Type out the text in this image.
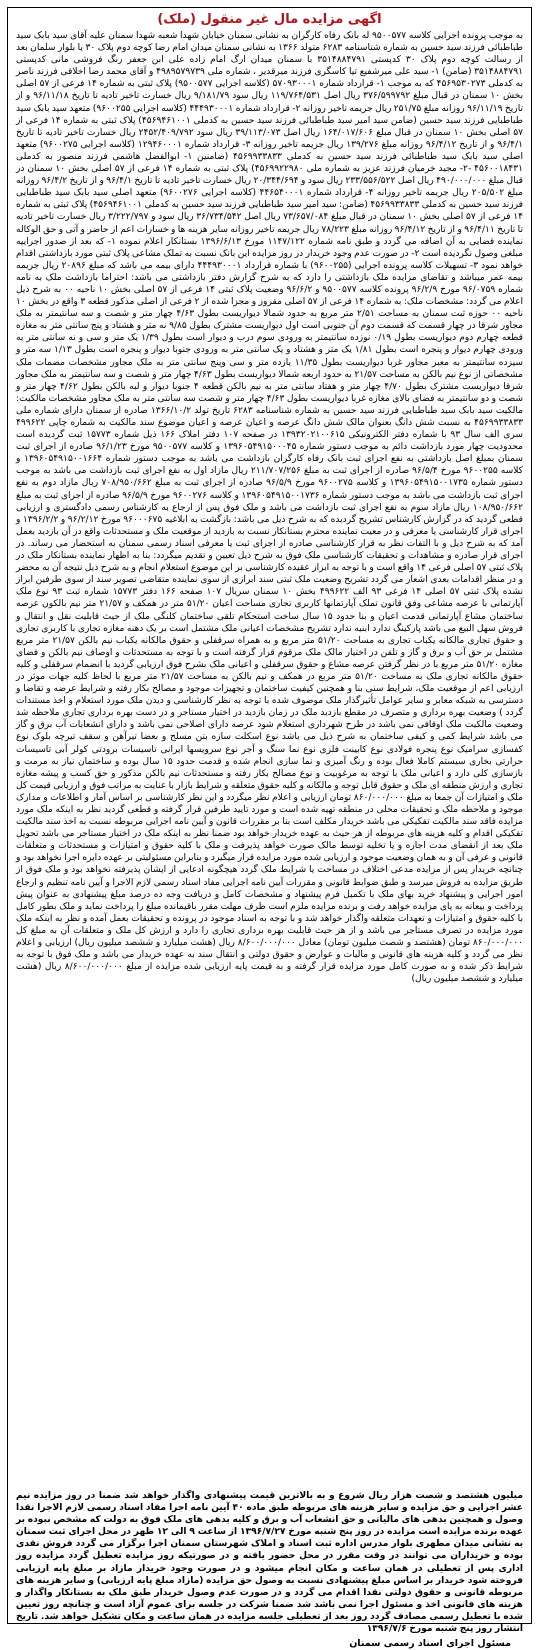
اگهی مزایده مال غیر منقول (ملک)
به موجب پرونده اجرایی کلاسه ۹۵۰۰۵۷۷ له بانک رفاه کارگران به نشانی سمنان خیابان شهدا شعبه شهدا سمنان علیه آقای سید بابک سید طباطبائی فرزند سید حسین به شماره شناسنامه ۶۲۸۳ متولد ۱۳۶۶ به نشانی سمنان میدان امام رضا کوچه دوم پلاک ۳۰ یا بلوار سلمان بعد از رسالت کوچه دوم پلاک ۳۰ کدپستی ۳۵۱۴۸۸۴۷۹۱ با سمنان میدان ارگ امام زاده علی ابن جعفر رنگ فروشی مانی کدپستی ۳۵۱۴۸۸۴۷۹۱ (ضامن) ۱- سید علی میرشفیع تیا کاسگری فرزند میرقدیر ، شماره ملی ۴۹۸۹۵۷۹۷۳۹ و آقای محمد رضا اخلاقی فرزند ناصر به کدملی ۴۵۶۹۵۳۰۲۷۳ که به موجب ۱- قرارداد شماره ۵۷۰۹۳۰۰۰۱ (کلاسه اجرایی ۹۵۰۰۵۷۷) پلاک ثبتی به شماره ۱۴ فرعی از ۵۷ اصلی بخش ۱۰ سمنان در قبال مبلغ ۳۷۶/۵۹۹۷۹۲ ریال اصل ۱۱۹/۷۶۴/۵۳۱ ریال سود ۹/۱۸۱/۷۹ ریال خسارت تاخیر تادیه تا تاریخ ۹۶/۱۱/۱۸ و از تاریخ ۹۶/۱۱/۱۹ روزانه مبلغ ۲۵۱/۷۵ ریال جریمه تاخیر روزانه ۲- قرارداد شماره ۴۴۴۹۳۰۰۰۱ (کلاسه اجرایی ۹۶۰۰۲۵۵) متعهد سید بابک سید طباطبایی فرزند سید حسین (ضامن سید امیر سید طباطبائی فرزند سید حسین به کدملی ۴۵۶۹۴۶۱۰۰۱) پلاک ثبتی به شماره ۱۴ فرعی از ۵۷ اصلی بخش ۱۰ سمنان در قبال مبلغ ۱۶۴/۰۱۷/۶۰۶ ریال اصل ۳۹/۱۱۳/۰۷۳ ریال سود ۲۴۵۲/۴۰۹/۷۹۲ ریال خسارت تاخیر تادیه تا تاریخ ۹۶/۴/۱ و از تاریخ ۹۶/۴/۱۲ روزانه مبلغ ۱۳۹/۲۷۶ ریال جریمه تاخیر روزانه ۳- قرارداد شماره ۱۲۹۴۶۰۰۰۱ (کلاسه اجرایی ۹۶۰۰۲۷۵) متعهد اصلی سید بابک سید طباطبائی فرزند سید حسین به کدملی ۴۵۶۹۹۳۳۸۳۳ (ضامنین ۱- ابوالفضل هاشمی فرزند منصور به کدملی ۴۵۶۰۰۱۸۴۳۱ -۲- مجید خرمیان فرزند عزیز به شماره ملی ۴۵۶۹۹۲۲۹۸۰) پلاک ثبتی به شماره ۱۴ فرعی از ۵۷ اصلی بخش ۱۰ سمنان در قبال مبلغ ۴۹۰/۰۰۰/۰۰۰ ریال اصل ۲۳۳/۵۵۶/۵۲۲ ریال سود و ۲۰/۳۴۴/۶۹۴ ریال خسارت تاخیر تادیه تا تاریخ ۹۶/۴/۱ و از تاریخ ۹۶/۴/۲ روزانه مبلغ ۲۰۵/۵۰۲ ریال جریمه تاخیر روزانه ۴- قرارداد شماره ۴۴۶۵۴۰۰۰۱ (کلاسه اجرایی ۹۶۰۰۲۷۶) متعهد اصلی سید بابک سید طباطبایی فرزند سید حسین به کدملی ۴۵۶۹۹۳۳۸۳۳ (ضامن: سید امیر سید طباطبایی فرزند سید حسین به کدملی ۴۵۶۹۴۶۱۰۰۱) پلاک ثبتی به شماره ۱۴ فرعی از ۵۷ اصلی بخش ۱۰ سمنان در قبال مبلغ ۷۳/۶۵۷/۰۸۴ ریال اصل ۳۶/۷۳۴/۵۴۲ ریال سود و ۳/۲۲۲/۷۹۷ ریال خسارت تاخیر تادیه تا تاریخ ۹۶/۴/۱۱ و از تاریخ ۹۶/۴/۱۲ روزانه مبلغ ۷۸/۲۲۳ ریال جریمه تاخیر روزانه سایر هزینه ها و خسارات اعم از حاضر و آتی و حق الوکاله نماینده قضایی به آن اضافه می گردد و طبق نامه شماره ۱۱۴۷/۱۲۲ مورخ ۱۳۹۶/۶/۱۳ بستانکار اعلام نموده ۱- که بعد از صدور اجراییه مبلغی وصول نگردیده است ۲- در صورت عدم وجود خریدار در روز مزایده این بانک نسبت به تملک مشاعی پلاک ثبتی مورد بازداشتی اقدام خواهد نمود ۳- تسهیلات کلاسه پرونده اجرایی (۹۶۰۰۲۵۵) با شماره قرارداد ۴۴۴۹۳۰۰۰۱ دارای بیمه می باشد که مبلغ ۲۰۸۹۶ ریال جریمه بیمه عمر میباشد و تقاضای مزایده ملک بازداشتی را دارد که به شرح گزارش دفتر بازداشتی می باشد: احتراما بازداشت ملک به نامه شماره ۹۶/۰۷۵۹ مورخ ۹۶/۲/۹ پرونده کلاسه ۹۵۰۰۵۷۷ و ۹۶/۶/۲ وضعیت پلاک ثبتی ۱۴ فرعی از ۵۷ اصلی بخش ۱۰ ناحیه ۰۰ به شرح ذیل اعلام می گردد: مشخصات ملک: به شماره ۱۴ فرعی از ۵۷ اصلی مفروز و مجزا شده از ۲ فرعی از اصلی مذکور قطعه ۳ واقع در بخش ۱۰ ناحیه ۰۰ حوزه ثبت سمنان به مساحت ۲/۵۱ متر مربع به حدود شمالا دیواریست بطول ۴/۶۳ چهار متر و شصت و سه سانتیمتر به ملک مجاور شرقا در چهار قسمت که قسمت دوم آن جنوبی است اول دیواریست مشترک بطول ۹/۸۵ نه متر و هشتاد و پنج سانتی متر به مغازه قطعه چهارم دوم دیواریست بطول ۰/۱۹ نوزده سانتیمتر به ورودی سوم درب و دیوار است بطول ۱/۳۹ یک متر و سی و نه سانتی متر به ورودی چهارم دیوار و پنجره است بطول ۱/۸۱ یک متر و هشتاد و یک سانتی متر به ورودی جنوبا دیوار و پنجره است بطول ۱/۱۳ سه متر و سیزده سانتیمتر به معبر مجاور غربا دیواریست بطول ۱۱/۳۵ یازده متر و سی وپنج سانتی متر به ملک مجاور مشخصات مضمات ملک مشخصاتی از نوع نیم بالکن به مساحت ۲۱/۵۷ به حدود اربعه شمالا دیواریست بطول ۴/۶۳ چهار متر و شصت و سه سانتیمتر به ملک مجاور شرقا دیواریست مشترک بطول ۴/۷۰ چهار متر و هفتاد سانتی متر به نیم بالکن قطعه ۴ جنوبا دیوار و لبه بالکن بطول ۴/۶۲ چهار متر و شصت و دو سانتیمتر به فضای بالای مغازه غربا دیواریست بطول ۴/۶۳ چهار متر و شصت سه سانتی متر به ملک مجاور مشخصات مالکیت: مالکیت سید بابک سید طباطبایی فرزند سید حسین به شماره شناسنامه ۶۲۸۳ تاریخ تولد ۱۳۶۶/۱۰/۲ صادره از سمنان دارای شماره ملی ۴۵۶۹۹۳۳۸۳۳ به نسبت شش دانگ بعنوان مالک شش دانگ عرصه و اعیان عرصه و اعیان موضوع سند مالکیت به شماره چاپی ۴۹۹۶۲۲ سری الف سال ۹۳ با شماره دفتر الکترونیکی ۱۳۹۳۲۰۲۱۰۰۶۱۵ در صفحه ۱۰۷ دفتر املاک ۱۶۶ ذیل شماره ۱۵۷۷۳ ثبت گردیده است محدودیت چهار مورد بازداشت دائم به موجب دستور شماره ۱۳۹۶۰۵۴۹۱۵۰۰۰۴۵ و کلاسه ۹۵۰۰۵۷۷ مورخ ۹۶/۱/۲۳ صادره از اجرای ثبت سمنان بمبلغ اصل بازداشتی به نفع اجرای ثبت بانک رفاه کارگران بازداشت می باشد به موجب دستور شماره ۱۳۹۶۰۵۴۹۱۵۰۰۱۶۶۴ و کلاسه ۹۶۰۰۲۵۵ مورخ ۹۶/۵/۴ صادره از اجرای ثبت به مبلغ ۲۱۱/۷۰۷/۲۵۶ ریال مازاد اول به نفع اجرای ثبت بازداشت می باشد به موجب دستور شماره ۱۳۹۶۰۵۴۹۱۵۰۰۱۷۳۵ و کلاسه ۹۶۰۰۲۷۵ مورخ ۹۶/۵/۹ صادره از اجرای ثبت به مبلغ ۷۰۸/۹۵۰/۶۶۲ ریال مازاد دوم به نفع اجرای ثبت بازداشت می باشد به موجب دستور شماره ۱۳۹۶۰۵۴۹۱۵۰۰۱۷۳۶ و کلاسه ۹۶۰۰۲۷۶ مورخ ۹۶/۵/۹ صادره از اجرای ثبت به مبلغ ۱۰۸/۹۵۰/۶۶۲ ریال مازاد سوم به نفع اجرای ثبت بازداشت می باشد و ملک فوق پس از ارجاع به کارشناس رسمی دادگستری و ارزیابی قطعی گردید که در گزارش کارشناس تشریح گردیده که به شرح ذیل می باشد: بازگشت به ابلاغیه ۹۶۰۰۰۶۷۵ مورخ ۹۶/۲/۱۲ و ۱۳۹۶/۲/۲ و اجرای قرار کارشناسی یا معرفی و در معیت نماینده محترم بستانکار نسبت به بازدید از موقعیت ملک و مستحدثات واقع در آن بازدید بعمل آمد که به شرح ذیل و با التفات نظر به قرار کارشناسی صادره از اجرای ثبت یا معرفی اسناد رسمی سمنان به استحضار می رساند. در اجرای قرار صادره و مشاهدات و تحقیقات کارشناسی ملک فوق به شرح ذیل تعیین و تقدیم میگردد: بنا به اظهار نماینده بستانکار ملک در پلاک ثبتی ۵۷ اصلی فرعی ۱۴ واقع است و با توجه به ابراز عقیده کارشناسی بر این موضوع استعلام انجام و به شرح ذیل نتیجه آن به محضر و در منظر اقدامات بعدی اشعار می گردد تشریح وضعیت ملک ثبتی سند ابرازی از سوی نماینده متقاضی تصویر سند از سوی طرفین ابراز نشده پلاک ثبتی ۵۷ اصلی ۱۴ فرعی ۹۳ الف ۴۹۹۶۲۲ بخش ۱۰ سمنان سریال ۱۰۷ صفحه ۱۶۶ دفتر ۱۵۷۷۳ شماره ثبت ۹۳ نوع ملک آپارتمانی با عرصه مشاعی وفق قانون تملک آپارتمانها کاربری تجاری مساحت اعیان ۵۱/۲۰ متر در همکف و ۲۱/۵۷ متر نیم بالکون عرصه ساختمان مشاع آپارتمانی قدمت اعیان و بنا حدود ۱۵ سال ساخت استحکام تلقی ساختمان کلنگی ملک از حیث قابلیت نقل و انتقال و فروش سهل البیع می باشد پارکینگ ندارد ابنیه ندارد تشریح مشخصات اعیانی ملک مشتمل است بر یک دهنه مغازه تجاری با کاربری تجاری و حقوق تجاری مالکانه یکباب تجاری به مساحت ۵۱/۲۰ متر مربع و به همراه سرقفلی و حقوق مالکانه یکباب نیم بالکن ۲۱/۵۷ متر مربع مشتمل بر حق آب و برق و گاز و تلفن در اختیار مالک ملک مرقوم قرار گرفته است و با توجه به مستحدثات و اوصاف نیم بالکن و فضای مغازه ۵۱/۲۰ متر مربع با در نظر گرفتن عرصه مشاع و حقوق سرقفلی و اعیانی ملک بشرح فوق ارزیابی گردید با انضمام سرقفلی و کلیه حقوق مالکانه تجاری ملک به مساحت ۵۱/۲۰ متر مربع در همکف و نیم بالکن به مساحت ۲۱/۵۷ متر مربع با لحاظ کلیه جهات موثر در ارزیابی اعم از موقعیت ملک، شرایط سنی بنا و همچنین کیفیت ساختمان و تجهیزات موجود و مصالح بکار رفته و شرایط عرضه و تقاضا و دسترسی به شبکه معابر و سایر عوامل تأثیرگذار ملک موصوف شده با توجه به نظر کارشناسی و دیدن ملک مورد استعلام و اخذ مستندات گردد ) وضعیت بهره برداری و متصرف در مقطع بازدید ملک در زمان بازدید در اختیار مستاجر و در دست بهره برداری تجاری ملاحظه شد وضعیت مالکیت ملک اوقافی نمی باشد در طرح شهرداری استعلام شود عرصه دارای اصلاحی نمی باشد و دارای انشعابات آب برق و گاز می باشد شرایط کمی و کیفی ساختمان به شرح ذیل می باشد نوع اسکلت سازه بتن مسلح و بعضا تیرآهن و سقف تیرچه بلوک نوع کفسازی سرامیک نوع پنجره فولادی نوع کابینت فلزی نوع نما سنگ و آجر نوع سرویسها ایرانی تاسیسات برودتی کولر آبی تاسیسات حرارتی بخاری سیستم کاملا فعال بوده و رنگ آمیزی و نما سازی انجام شده و قدمت حدود ۱۵ سال بوده و ساختمان نیاز به مرمت و بازسازی کلی دارد و اعیانی ملک با توجه به مرغوبیت و نوع مصالح بکار رفته و مستحدثات نیم بالکن مذکور و حق کسب و پیشه مغازه تجاری و ارزش منطقه ای ملک و حقوق قابل توجه و مالکانه و کلیه حقوق متعلقه و شرایط بازار با عنایت به مراتب فوق و ارزیابی قیمت کل ملک و امتیازات آن جمعا به مبلغ ۸۶۰/۰۰۰/۰۰۰ تومان ارزیابی و اعلام نظر میگردد و این نظر کارشناسی بر اساس آمار و اطلاعات و مدارک موجود و ملاحظه ملک و تحقیقات محلی در منطقه تهیه شده است و مورد تایید طرفین قرار گرفته و قطعی گردید نظر به اینکه ملک مورد مزایده فاقد سند مالکیت تفکیکی می باشد خریدار مکلف است بنا بر مقررات قانون و آیین نامه اجرایی مربوطه نسبت به اخذ سند مالکیت تفکیکی اقدام و کلیه هزینه های مربوطه از هر حیث به عهده خریدار خواهد بود ضمنا نظر به اینکه ملک در اختیار مستاجر می باشد تحویل ملک بعد از انقضای مدت اجاره و یا تخلیه توسط مالک صورت خواهد پذیرفت و ملک با کلیه حقوق و امتیازات و مستحدثات و متعلقات قانونی و عرفی آن و به همان وضعیت موجود و ارزیابی شده مورد مزایده قرار میگیرد و بنابراین مسئولیتی بر عهده دایره اجرا نخواهد بود و چنانچه خریدار پس از مزایده مدعی اختلاف در مساحت یا شرایط ملک گردد هیچگونه ادعایی از ایشان پذیرفته نخواهد بود و ملک فوق از طریق مزایده به فروش میرسد و طبق ضوابط قانونی و مقررات آیین نامه اجرایی مفاد اسناد رسمی لازم الاجرا و آیین نامه تنظیم و ارجاع امور اجرایی و پیشنهاد خرید بهای ملک با تکمیل فرم پیشنهاد و مشخصات کامل و دریافت وجه ده درصد مبلغ پیشنهادی به عنوان پیش پرداخت و بیعانه به پای مزایده خواهد رفت و برنده مزایده ملزم است ظرف مهلت مقرر باقیمانده مبلغ را پرداخت نماید و ملک بطور کامل با کلیه حقوق و امتیازات و تعهدات متعلقه واگذار خواهد شد و با توجه به اسناد موجود در پرونده و تحقیقات بعمل آمده و نظر به اینکه ملک مورد مزایده در تصرف مستاجر می باشد و از هر حیث قابلیت بهره برداری تجاری را دارد و ارزش کل ملک و متعلقات آن به مبلغ کل ۸۶۰/۰۰۰/۰۰۰ تومان (هشتصد و شصت میلیون تومان) معادل ۸/۶۰۰/۰۰۰/۰۰۰ ریال (هشت میلیارد و ششصد میلیون ریال) ارزیابی و اعلام نظر می گردد و کلیه هزینه های قانونی و مالیات و عوارض و حقوق دولتی و انتقال سند به عهده خریدار می باشد و ملک فوق با توجه به شرایط ذکر شده و به صورت کامل مورد مزایده قرار گرفته و به قیمت پایه ارزیابی شده مزایده از مبلغ ۸/۶۰۰/۰۰۰/۰۰۰ ریال (هشت میلیارد و ششصد میلیون ریال)
میلیون هشتصد و شصت هزار ریال شروع و به بالاترین قیمت پیشنهادی واگذار خواهد شد ضمنا در روز مزایده نیم عشر اجرایی و حق مزایده و سایر هزینه های مربوطه طبق ماده ۴۰ آیین نامه اجرا مفاد اسناد رسمی لازم الاجرا نقدا وصول و همچنین بدهی های مالیاتی و حق انشعاب آب و برق و کلیه بدهی های ملک فوق به دولت که مشخص نبوده بر عهده برنده مزایده است مزایده در روز پنج شنبه مورخ ۱۳۹۶/۷/۲۷ از ساعت ۹ الی ۱۲ ظهر در محل اجرای ثبت سمنان به نشانی میدان مطهری بلوار مدرس اداره ثبت اسناد و املاک شهرستان سمنان اجرا برگزار می گردد فروش نقدی بوده و خریداران می توانند در وقت مقرر در محل حضور یافته و در صورتیکه روز مزایده تعطیل گردد مزایده روز اداری پس از تعطیلی در همان ساعت و مکان انجام میشود و در صورت وجود خریدار مازاد بر مبلغ پایه ارزیابی فروخته شود خریدار بر اساس مبلغ پیشنهادی نسبت به وصول حق مزایده (مازاد مبلغ پایه ارزیابی) و سایر هزینه های مربوطه قانونی و حقوق دولتی نقدا اقدام می گردد و در صورت عدم وصول خریدار طبق ملک به بستانکار واگذار و هزینه های قانونی اخذ و مسئول اجرا نمی باشد شد ضمنا شرکت در جلسه برای عموم آزاد است و چنانچه روز تعیین شده با تعطیل رسمی مصادف گردد روز بعد از تعطیلی جلسه مزایده در همان ساعت و مکان تشکیل خواهد شد. تاریخ انتشار روز پنج شنبه مورخ ۱۳۹۶/۷/۶
مسئول اجرای اسناد رسمی سمنان
